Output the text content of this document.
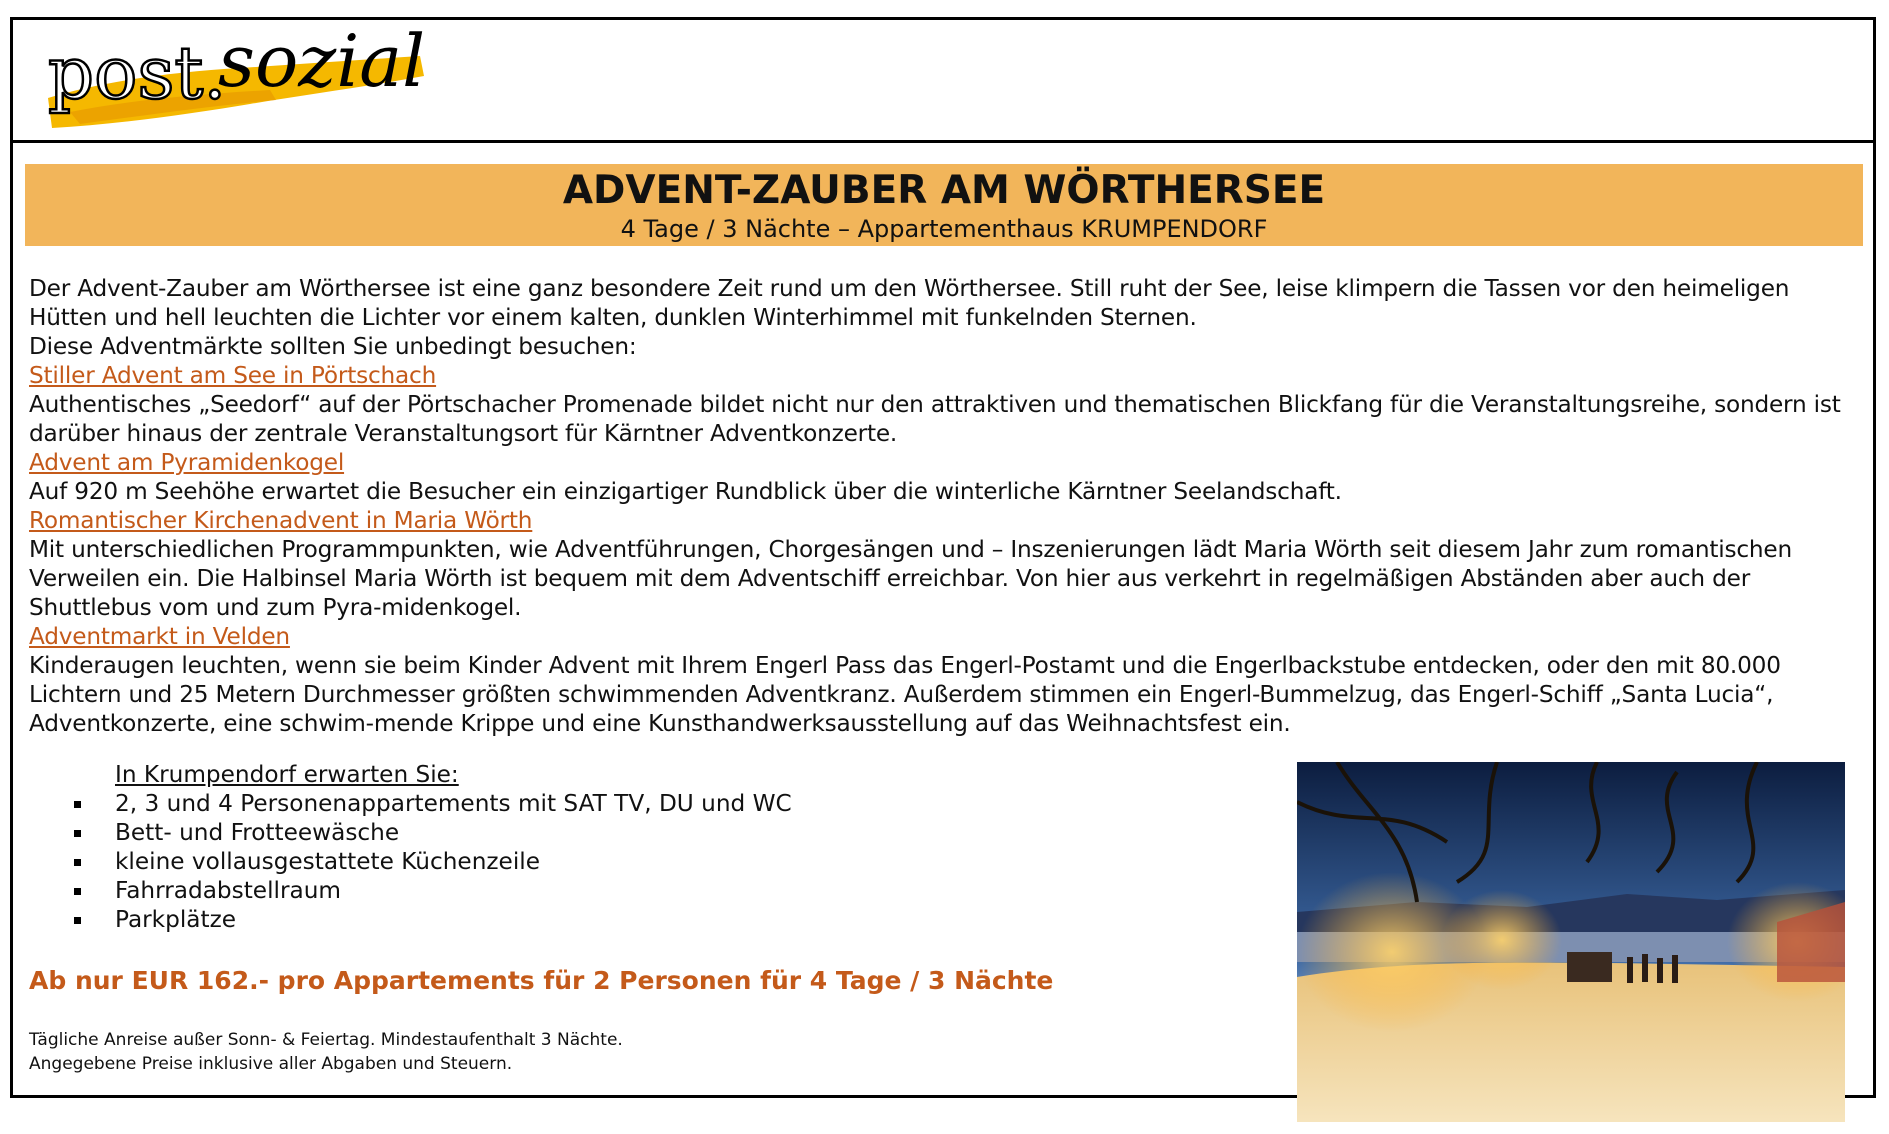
post.
sozial
ADVENT-ZAUBER AM WÖRTHERSEE
4 Tage / 3 Nächte – Appartementhaus KRUMPENDORF

Der Advent-Zauber am Wörthersee ist eine ganz besondere Zeit rund um den Wörthersee. Still ruht der See, leise klimpern die Tassen vor den heimeligen Hütten und hell leuchten die Lichter vor einem kalten, dunklen Winterhimmel mit funkelnden Sternen.

Diese Adventmärkte sollten Sie unbedingt besuchen:

Stiller Advent am See in Pörtschach

Authentisches „Seedorf“ auf der Pörtschacher Promenade bildet nicht nur den attraktiven und thematischen Blickfang für die Veranstaltungsreihe, sondern ist darüber hinaus der zentrale Veranstaltungsort für Kärntner Adventkonzerte.

Advent am Pyramidenkogel

Auf 920 m Seehöhe erwartet die Besucher ein einzigartiger Rundblick über die winterliche Kärntner Seelandschaft.

Romantischer Kirchenadvent in Maria Wörth

Mit unterschiedlichen Programmpunkten, wie Adventführungen, Chorgesängen und – Inszenierungen lädt Maria Wörth seit diesem Jahr zum romantischen Verweilen ein. Die Halbinsel Maria Wörth ist bequem mit dem Adventschiff erreichbar. Von hier aus verkehrt in regelmäßigen Abständen aber auch der Shuttlebus vom und zum Pyra-midenkogel.

Adventmarkt in Velden

Kinderaugen leuchten, wenn sie beim Kinder Advent mit Ihrem Engerl Pass das Engerl-Postamt und die Engerlbackstube entdecken, oder den mit 80.000 Lichtern und 25 Metern Durchmesser größten schwimmenden Adventkranz. Außerdem stimmen ein Engerl-Bummelzug, das Engerl-Schiff „Santa Lucia“, Adventkonzerte, eine schwim-mende Krippe und eine Kunsthandwerksausstellung auf das Weihnachtsfest ein.

In Krumpendorf erwarten Sie:
2, 3 und 4 Personenappartements mit SAT TV, DU und WC
Bett- und Frotteewäsche
kleine vollausgestattete Küchenzeile
Fahrradabstellraum
Parkplätze
Ab nur EUR 162.- pro Appartements für 2 Personen für 4 Tage / 3 Nächte
Tägliche Anreise außer Sonn- & Feiertag. Mindestaufenthalt 3 Nächte.
Angegebene Preise inklusive aller Abgaben und Steuern.
